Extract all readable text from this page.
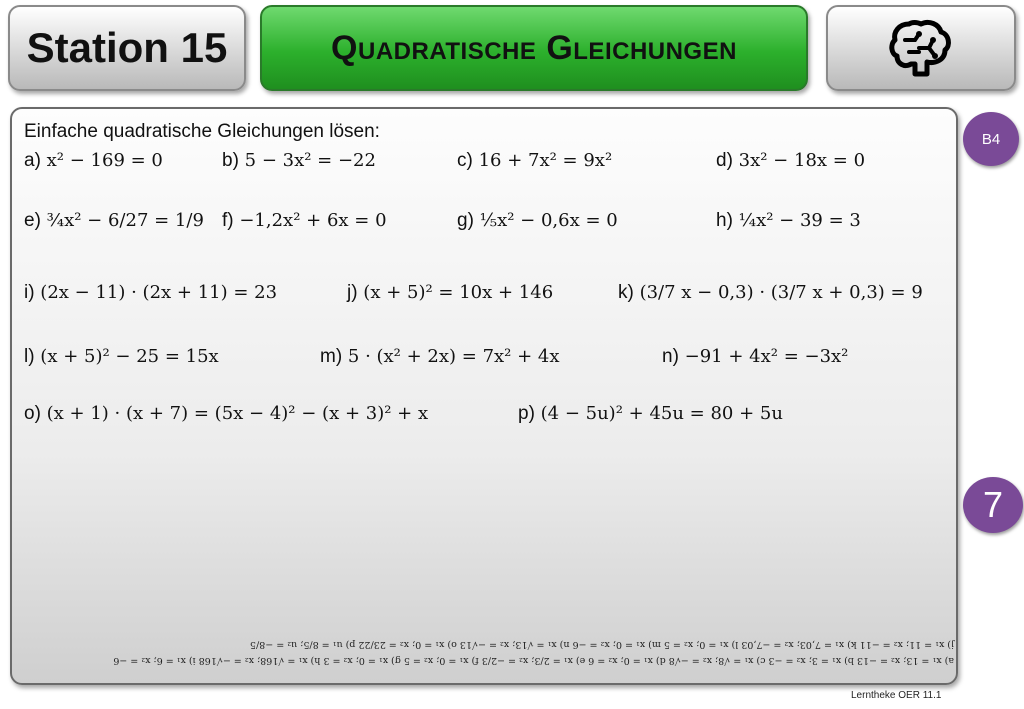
Station 15	Quadratische Gleichungen
Einfache quadratische Gleichungen lösen:
a) x² − 169 = 0	b) 5 − 3x² = −22	c) 16 + 7x² = 9x²	d) 3x² − 18x = 0
e) ¾x² − 6/27 = 1/9 f) −1,2x² + 6x = 0	g) ⅕x² − 0,6x = 0	h) ¼x² − 39 = 3
i) (2x − 11) · (2x + 11) = 23	j) (x + 5)² = 10x + 146	k) (3/7 x − 0,3) · (3/7 x + 0,3) = 9
l) (x + 5)² − 25 = 15x	m) 5 · (x² + 2x) = 7x² + 4x	n) −91 + 4x² = −3x²
o) (x + 1) · (x + 7) = (5x − 4)² − (x + 3)² + x	p) (4 − 5u)² + 45u = 80 + 5u
B4
7
a) x₁ = 13; x₂ = −13 b) x₁ = 3; x₂ = −3 c) x₁ = √8; x₂ = −√8 d) x₁ = 0; x₂ = 6 e) x₁ = 2/3; x₂ = −2/3 f) x₁ = 0; x₂ = 5 g) x₁ = 0; x₂ = 3 h) x₁ = √168; x₂ = −√168 i) x₁ = 6; x₂ = −6
j) x₁ = 11; x₂ = −11 k) x₁ = 7,03; x₂ = −7,03 l) x₁ = 0; x₂ = 5 m) x₁ = 0; x₂ = −6 n) x₁ = √13; x₂ = −√13 o) x₁ = 0; x₂ = 23/22 p) u₁ = 8/5; u₂ = −8/5
Lerntheke OER 11.1
